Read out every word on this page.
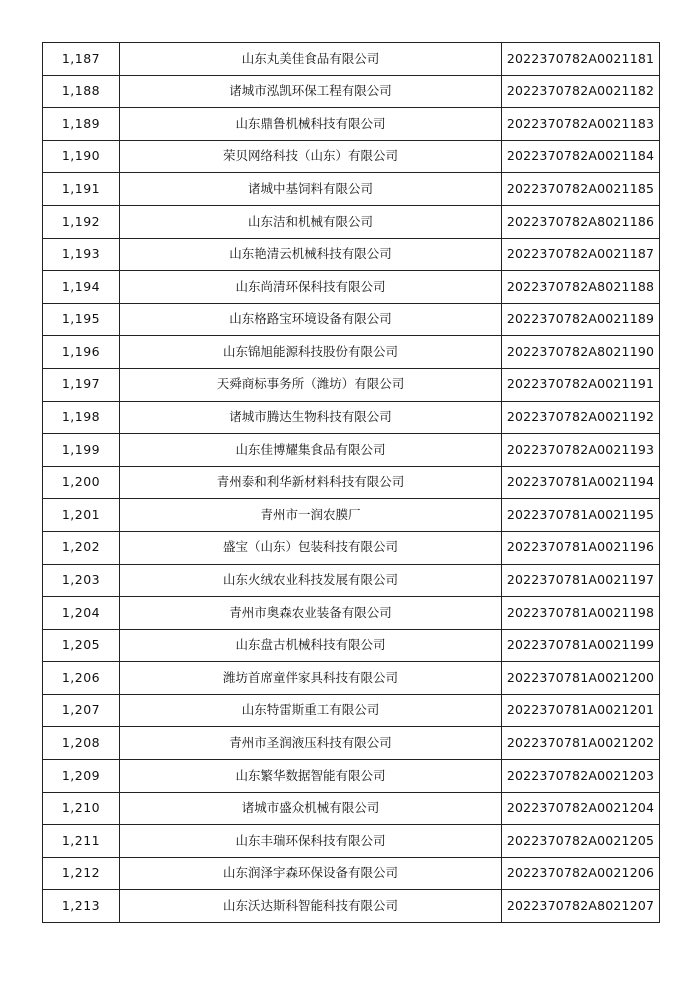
1,187	山东丸美佳食品有限公司	2022370782A0021181
1,188	诸城市泓凯环保工程有限公司	2022370782A0021182
1,189	山东鼎鲁机械科技有限公司	2022370782A0021183
1,190	荣贝网络科技（山东）有限公司	2022370782A0021184
1,191	诸城中基饲料有限公司	2022370782A0021185
1,192	山东洁和机械有限公司	2022370782A8021186
1,193	山东艳清云机械科技有限公司	2022370782A0021187
1,194	山东尚清环保科技有限公司	2022370782A8021188
1,195	山东格路宝环境设备有限公司	2022370782A0021189
1,196	山东锦旭能源科技股份有限公司	2022370782A8021190
1,197	天舜商标事务所（潍坊）有限公司	2022370782A0021191
1,198	诸城市腾达生物科技有限公司	2022370782A0021192
1,199	山东佳博耀集食品有限公司	2022370782A0021193
1,200	青州泰和利华新材料科技有限公司	2022370781A0021194
1,201	青州市一润农膜厂	2022370781A0021195
1,202	盛宝（山东）包装科技有限公司	2022370781A0021196
1,203	山东火绒农业科技发展有限公司	2022370781A0021197
1,204	青州市奥森农业装备有限公司	2022370781A0021198
1,205	山东盘古机械科技有限公司	2022370781A0021199
1,206	潍坊首席童伴家具科技有限公司	2022370781A0021200
1,207	山东特雷斯重工有限公司	2022370781A0021201
1,208	青州市圣润液压科技有限公司	2022370781A0021202
1,209	山东繁华数据智能有限公司	2022370782A0021203
1,210	诸城市盛众机械有限公司	2022370782A0021204
1,211	山东丰瑞环保科技有限公司	2022370782A0021205
1,212	山东润泽宇森环保设备有限公司	2022370782A0021206
1,213	山东沃达斯科智能科技有限公司	2022370782A8021207
